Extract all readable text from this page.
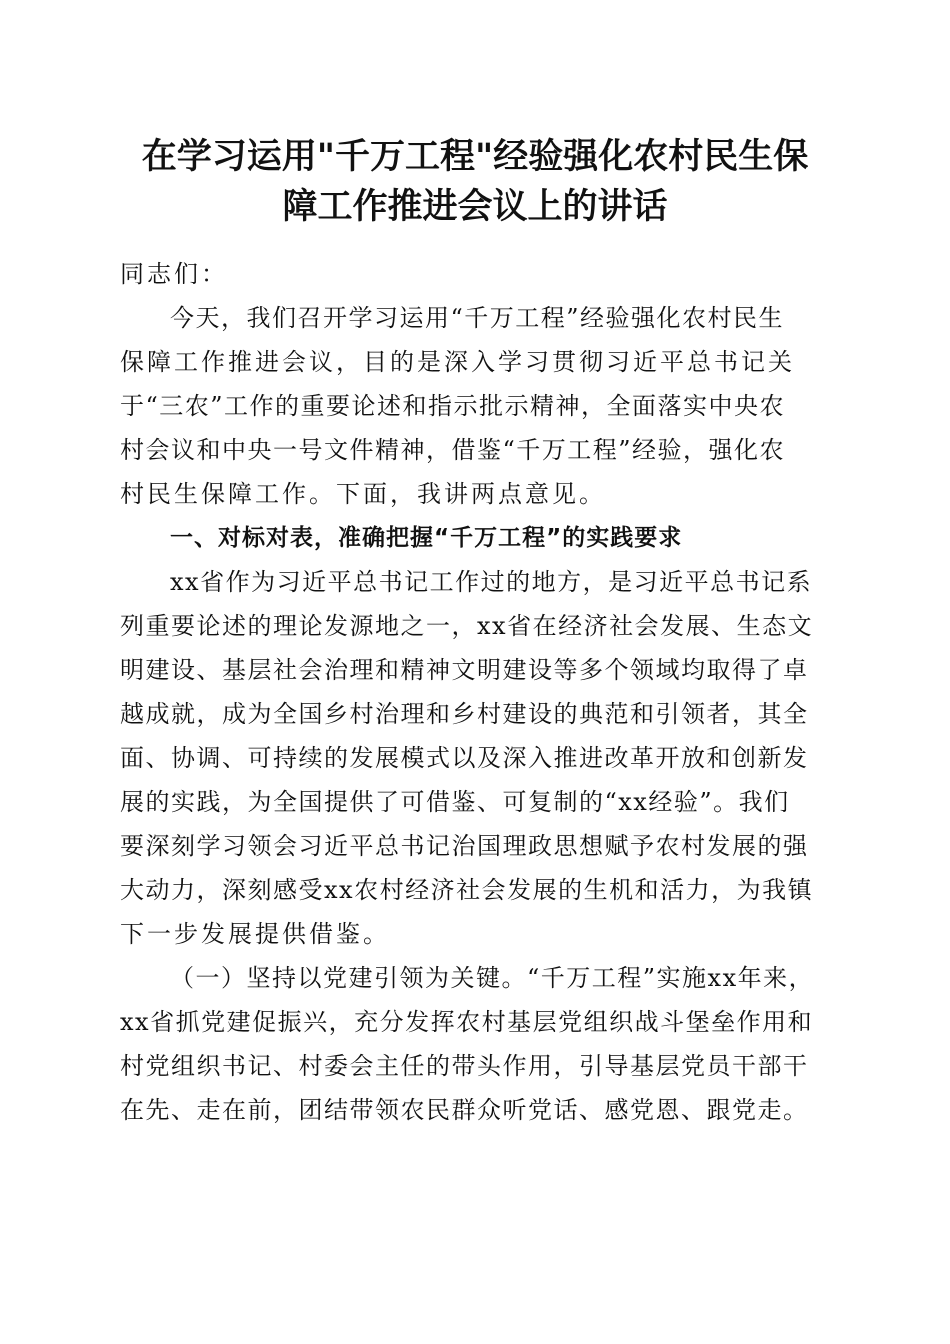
在学习运用"千万工程"经验强化农村民生保
障工作推进会议上的讲话
同志们：
今天，我们召开学习运用“千万工程”经验强化农村民生
保障工作推进会议，目的是深入学习贯彻习近平总书记关
于“三农”工作的重要论述和指示批示精神，全面落实中央农
村会议和中央一号文件精神，借鉴“千万工程”经验，强化农
村民生保障工作。下面，我讲两点意见。
一、对标对表，准确把握“千万工程”的实践要求
xx省作为习近平总书记工作过的地方，是习近平总书记系
列重要论述的理论发源地之一，xx省在经济社会发展、生态文
明建设、基层社会治理和精神文明建设等多个领域均取得了卓
越成就，成为全国乡村治理和乡村建设的典范和引领者，其全
面、协调、可持续的发展模式以及深入推进改革开放和创新发
展的实践，为全国提供了可借鉴、可复制的“xx经验”。我们
要深刻学习领会习近平总书记治国理政思想赋予农村发展的强
大动力，深刻感受xx农村经济社会发展的生机和活力，为我镇
下一步发展提供借鉴。
（一）坚持以党建引领为关键。“千万工程”实施xx年来，
xx省抓党建促振兴，充分发挥农村基层党组织战斗堡垒作用和
村党组织书记、村委会主任的带头作用，引导基层党员干部干
在先、走在前，团结带领农民群众听党话、感党恩、跟党走。
